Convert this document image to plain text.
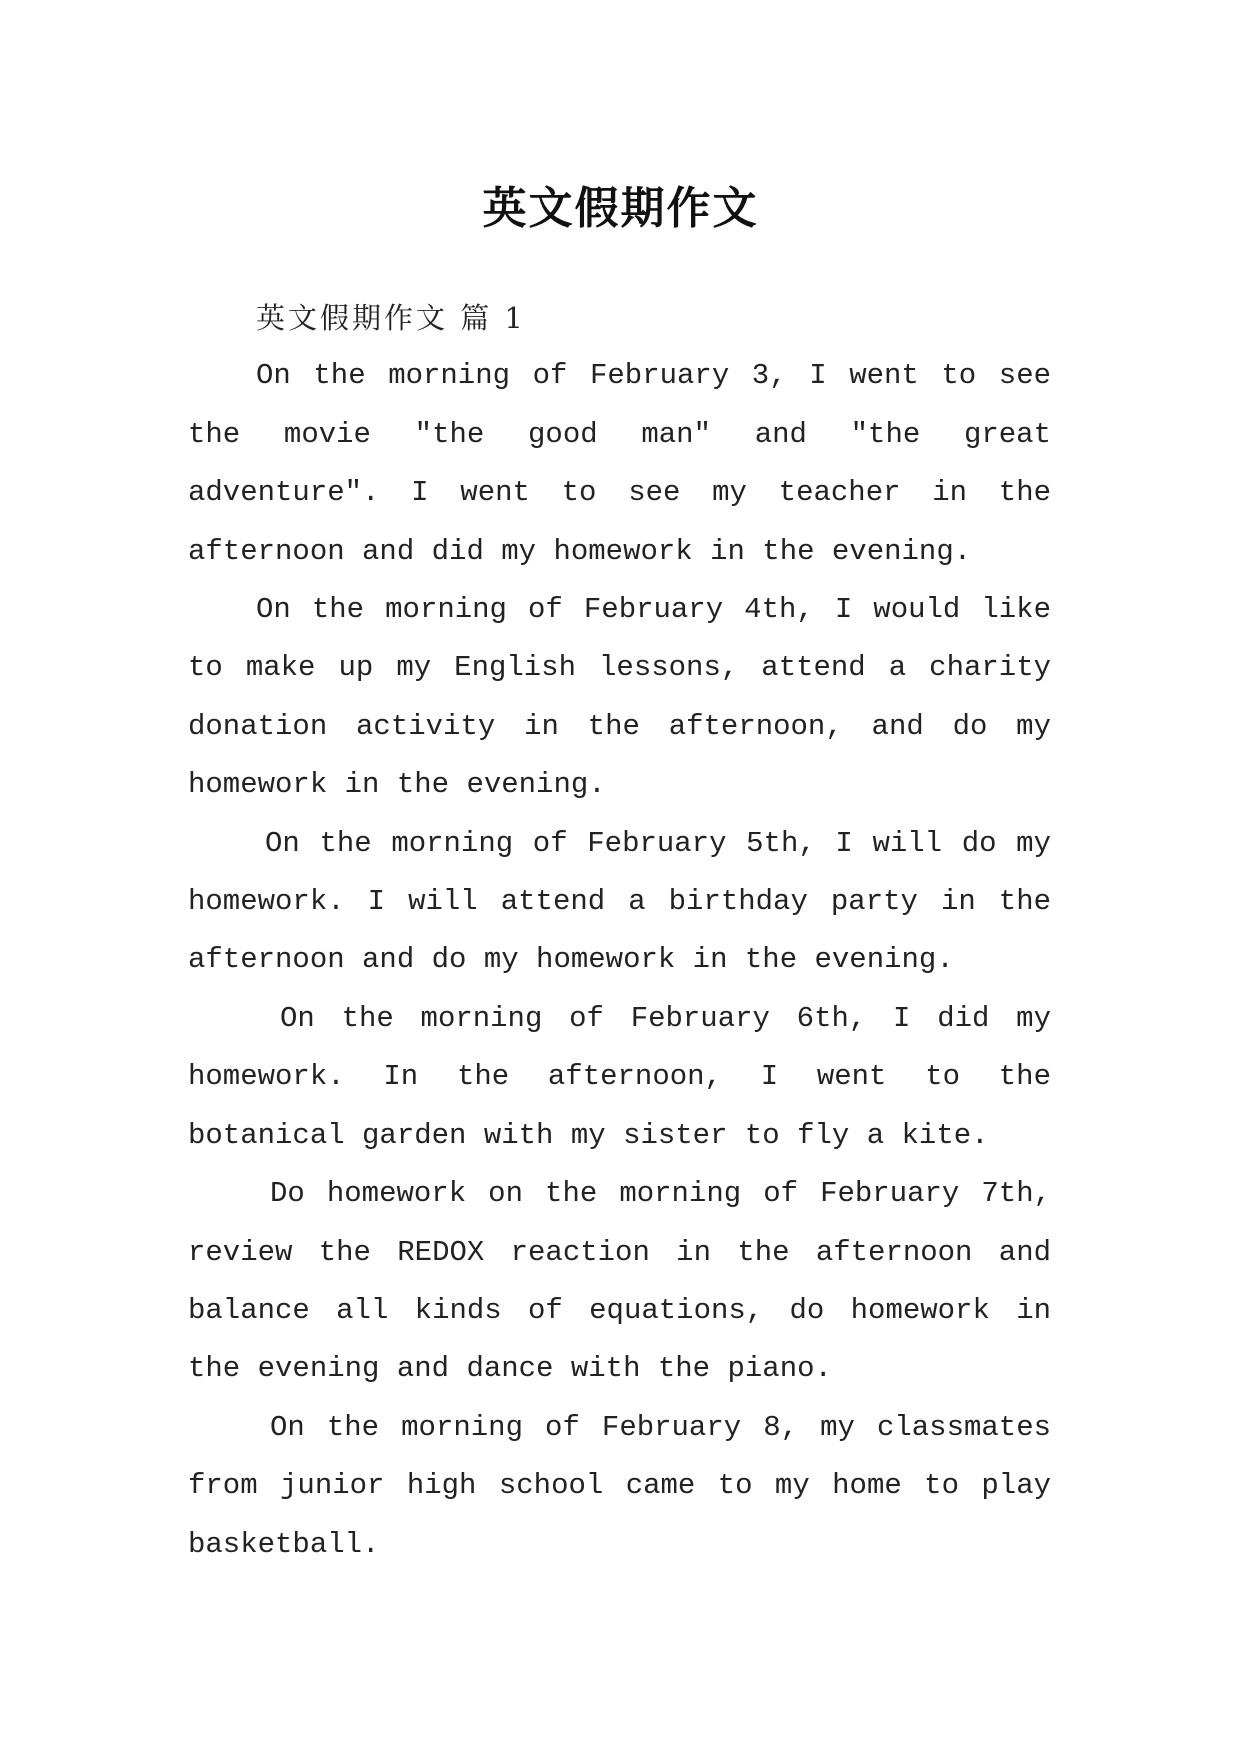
英文假期作文

英文假期作文 篇 1

On the morning of February 3, I went to see the movie "the good man" and "the great adventure". I went to see my teacher in the afternoon and did my homework in the evening.

On the morning of February 4th, I would like to make up my English lessons, attend a charity donation activity in the afternoon, and do my homework in the evening.

On the morning of February 5th, I will do my homework. I will attend a birthday party in the afternoon and do my homework in the evening.

On the morning of February 6th, I did my homework. In the afternoon, I went to the botanical garden with my sister to fly a kite.

Do homework on the morning of February 7th, review the REDOX reaction in the afternoon and balance all kinds of equations, do homework in the evening and dance with the piano.

On the morning of February 8, my classmates from junior high school came to my home to play basketball.
